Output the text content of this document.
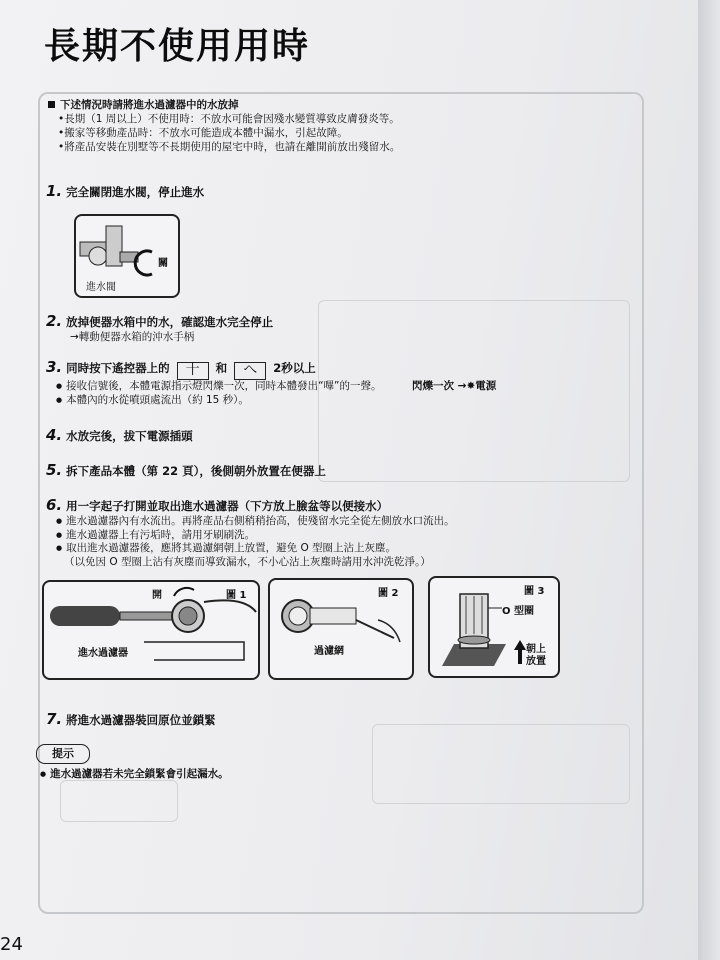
長期不使用用時
下述情況時請將進水過濾器中的水放掉
•長期（1 周以上）不使用時：不放水可能會因殘水變質導致皮膚發炎等。
•搬家等移動產品時：不放水可能造成本體中漏水，引起故障。
•將產品安裝在別墅等不長期使用的屋宅中時，也請在離開前放出殘留水。
1. 完全關閉進水閥，停止進水
關
進水閥
2. 放掉便器水箱中的水，確認進水完全停止
→轉動便器水箱的沖水手柄
3. 同時按下遙控器上的 十 和 へ 2秒以上
● 接收信號後，本體電源指示燈閃爍一次，同時本體發出“嗶”的一聲。
● 本體內的水從噴頭處流出（約 15 秒）。
閃爍一次 →✸電源
4. 水放完後，拔下電源插頭
5. 拆下產品本體（第 22 頁），後側朝外放置在便器上
6. 用一字起子打開並取出進水過濾器（下方放上臉盆等以便接水）
● 進水過濾器內有水流出。再將產品右側稍稍抬高，使殘留水完全從左側放水口流出。
● 進水過濾器上有污垢時，請用牙刷刷洗。
● 取出進水過濾器後，應將其過濾網朝上放置，避免 O 型圈上沾上灰塵。
（以免因 O 型圈上沾有灰塵而導致漏水，不小心沾上灰塵時請用水沖洗乾淨。）
開	圖 1
進水過濾器
圖 2
過濾網
圖 3
O 型圈
朝上放置
7. 將進水過濾器裝回原位並鎖緊
提示
● 進水過濾器若未完全鎖緊會引起漏水。
24
